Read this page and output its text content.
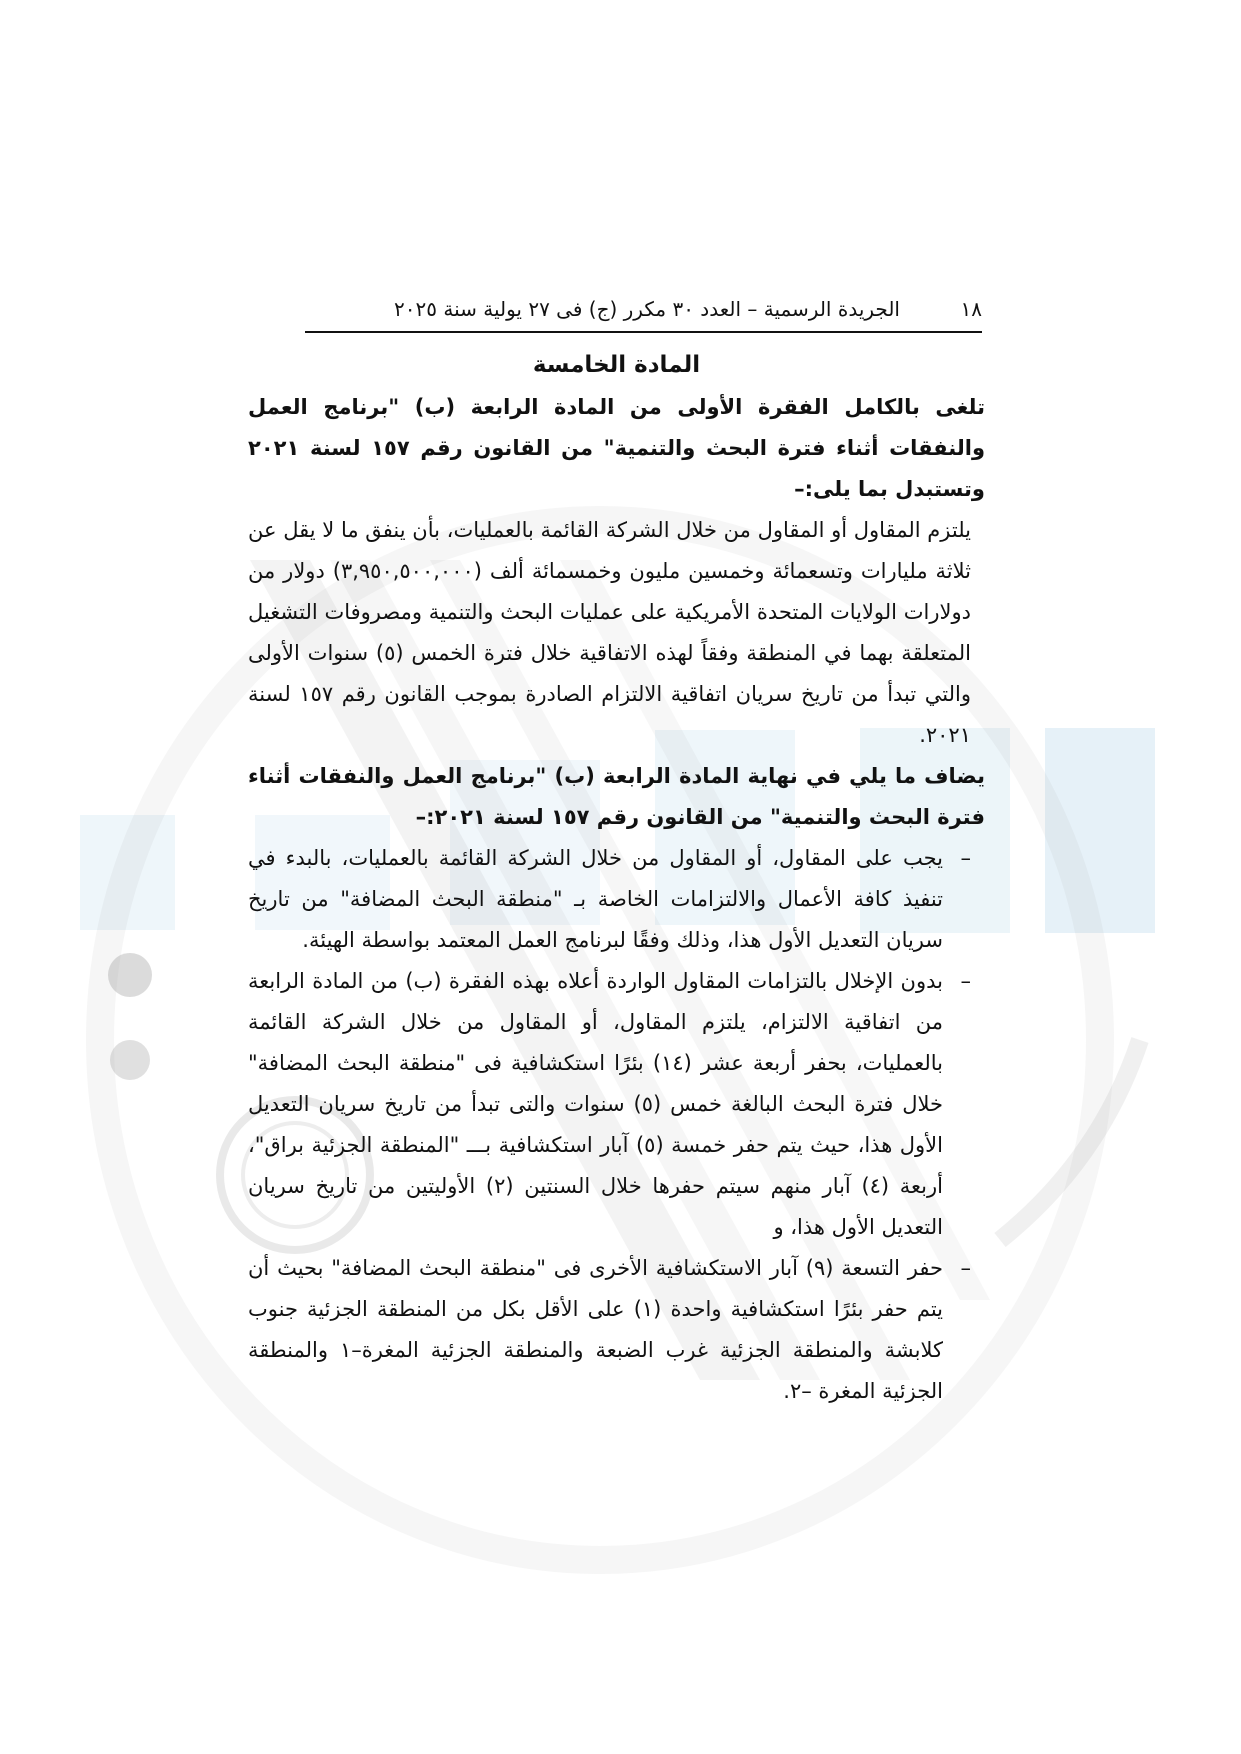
١٨
الجريدة الرسمية – العدد ٣٠ مكرر (ج) فى ٢٧ يولية سنة ٢٠٢٥
المادة الخامسة

تلغى بالكامل الفقرة الأولى من المادة الرابعة (ب) "برنامج العمل والنفقات أثناء فترة البحث والتنمية" من القانون رقم ١٥٧ لسنة ٢٠٢١ وتستبدل بما يلى:–

يلتزم المقاول أو المقاول من خلال الشركة القائمة بالعمليات، بأن ينفق ما لا يقل عن ثلاثة مليارات وتسعمائة وخمسين مليون وخمسمائة ألف (٣,٩٥٠,٥٠٠,٠٠٠) دولار من دولارات الولايات المتحدة الأمريكية على عمليات البحث والتنمية ومصروفات التشغيل المتعلقة بهما في المنطقة وفقاً لهذه الاتفاقية خلال فترة الخمس (٥) سنوات الأولى والتي تبدأ من تاريخ سريان اتفاقية الالتزام الصادرة بموجب القانون رقم ١٥٧ لسنة ٢٠٢١.

يضاف ما يلي في نهاية المادة الرابعة (ب) "برنامج العمل والنفقات أثناء فترة البحث والتنمية" من القانون رقم ١٥٧ لسنة ٢٠٢١:–

–
يجب على المقاول، أو المقاول من خلال الشركة القائمة بالعمليات، بالبدء في تنفيذ كافة الأعمال والالتزامات الخاصة بـ "منطقة البحث المضافة" من تاريخ سريان التعديل الأول هذا، وذلك وفقًا لبرنامج العمل المعتمد بواسطة الهيئة.

–
بدون الإخلال بالتزامات المقاول الواردة أعلاه بهذه الفقرة (ب) من المادة الرابعة من اتفاقية الالتزام، يلتزم المقاول، أو المقاول من خلال الشركة القائمة بالعمليات، بحفر أربعة عشر (١٤) بئرًا استكشافية فى "منطقة البحث المضافة" خلال فترة البحث البالغة خمس (٥) سنوات والتى تبدأ من تاريخ سريان التعديل الأول هذا، حيث يتم حفر خمسة (٥) آبار استكشافية بـــ "المنطقة الجزئية براق"، أربعة (٤) آبار منهم سيتم حفرها خلال السنتين (٢) الأوليتين من تاريخ سريان التعديل الأول هذا، و

–
حفر التسعة (٩) آبار الاستكشافية الأخرى فى "منطقة البحث المضافة" بحيث أن يتم حفر بئرًا استكشافية واحدة (١) على الأقل بكل من المنطقة الجزئية جنوب كلابشة والمنطقة الجزئية غرب الضبعة والمنطقة الجزئية المغرة–١ والمنطقة الجزئية المغرة –٢.
